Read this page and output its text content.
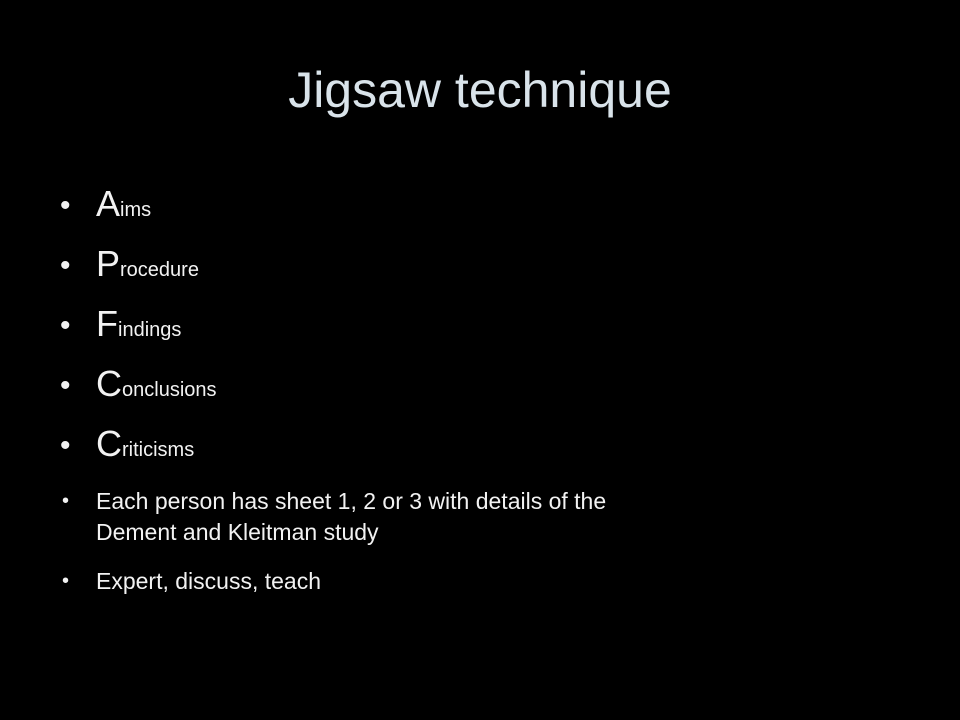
Jigsaw technique
• Aims
• Procedure
• Findings
• Conclusions
• Criticisms
• Each person has sheet 1, 2 or 3 with details of the
Dement and Kleitman study
• Expert, discuss, teach
